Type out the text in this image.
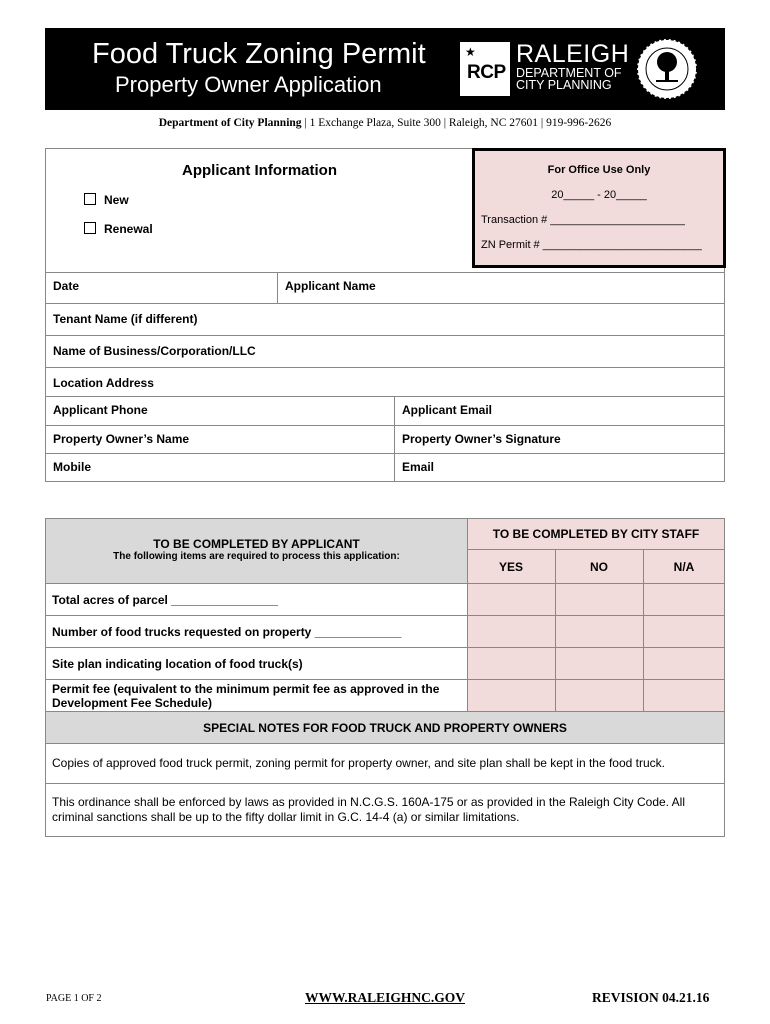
Food Truck Zoning Permit
Property Owner Application
★
RCP
RALEIGH
DEPARTMENT OF
CITY PLANNING
Department of City Planning | 1 Exchange Plaza, Suite 300 | Raleigh, NC 27601 | 919-996-2626
Applicant Information
New
Renewal
For Office Use Only
20_____ - 20_____
Transaction # ______________________
ZN Permit # __________________________
Date	Applicant Name
Tenant Name (if different)
Name of Business/Corporation/LLC
Location Address
Applicant Phone	Applicant Email
Property Owner’s Name	Property Owner’s Signature
Mobile	Email
TO BE COMPLETED BY APPLICANT
The following items are required to process this application:
TO BE COMPLETED BY CITY STAFF
YES	NO	N/A
Total acres of parcel ________________
Number of food trucks requested on property _____________
Site plan indicating location of food truck(s)
Permit fee (equivalent to the minimum permit fee as approved in the
Development Fee Schedule)
SPECIAL NOTES FOR FOOD TRUCK AND PROPERTY OWNERS
Copies of approved food truck permit, zoning permit for property owner, and site plan shall be kept in the food truck.
This ordinance shall be enforced by laws as provided in N.C.G.S. 160A-175 or as provided in the Raleigh City Code. All criminal sanctions shall be up to the fifty dollar limit in G.C. 14-4 (a) or similar limitations.
PAGE 1 OF 2	WWW.RALEIGHNC.GOV	REVISION 04.21.16
